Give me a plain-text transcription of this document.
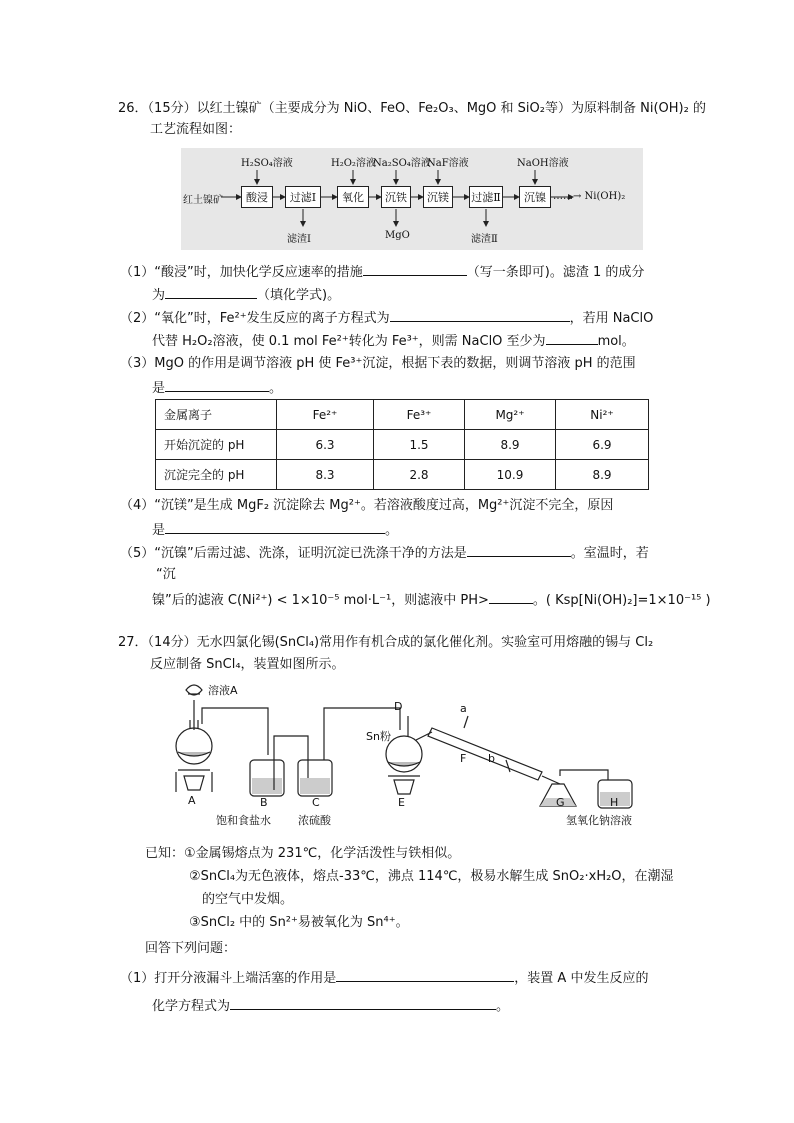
26．（15分）以红土镍矿（主要成分为 NiO、FeO、Fe₂O₃、MgO 和 SiO₂等）为原料制备 Ni(OH)₂ 的
工艺流程如图：
H₂SO₄溶液	H₂O₂溶液
Na₂SO₄溶液
NaF溶液	NaOH溶液
红土镍矿	酸浸	过滤Ⅰ	氧化	沉铁	沉镁	过滤Ⅱ	沉镍 ……→ Ni(OH)₂
滤渣Ⅰ	MgO	滤渣Ⅱ
（1）“酸浸”时，加快化学反应速率的措施	（写一条即可)。滤渣 1 的成分
为	（填化学式)。
（2）“氧化”时，Fe²⁺发生反应的离子方程式为	，若用 NaClO
代替 H₂O₂溶液，使 0.1 mol Fe²⁺转化为 Fe³⁺，则需 NaClO 至少为	mol。
（3）MgO 的作用是调节溶液 pH 使 Fe³⁺沉淀，根据下表的数据，则调节溶液 pH 的范围
是	。
金属离子	Fe²⁺	Fe³⁺	Mg²⁺	Ni²⁺
开始沉淀的 pH	6.3	1.5	8.9	6.9
沉淀完全的 pH	8.3	2.8	10.9	8.9
（4）“沉镁”是生成 MgF₂ 沉淀除去 Mg²⁺。若溶液酸度过高，Mg²⁺沉淀不完全，原因
是	。
（5）“沉镍”后需过滤、洗涤，证明沉淀已洗涤干净的方法是	。室温时，若
“沉
镍”后的滤液 C(Ni²⁺) < 1×10⁻⁵ mol·L⁻¹，则滤液中 PH>	。( Ksp[Ni(OH)₂]=1×10⁻¹⁵ )
27．（14分）无水四氯化锡(SnCl₄)常用作有机合成的氯化催化剂。实验室可用熔融的锡与 Cl₂
反应制备 SnCl₄，装置如图所示。
溶液A
Sn粉
D	a
F b
A	B	C	E	G	H
饱和食盐水 浓硫酸	氢氧化钠溶液
已知：①金属锡熔点为 231℃，化学活泼性与铁相似。
②SnCl₄为无色液体，熔点-33℃，沸点 114℃，极易水解生成 SnO₂·xH₂O，在潮湿
的空气中发烟。
③SnCl₂ 中的 Sn²⁺易被氧化为 Sn⁴⁺。
回答下列问题：
（1）打开分液漏斗上端活塞的作用是	，装置 A 中发生反应的
化学方程式为	。
